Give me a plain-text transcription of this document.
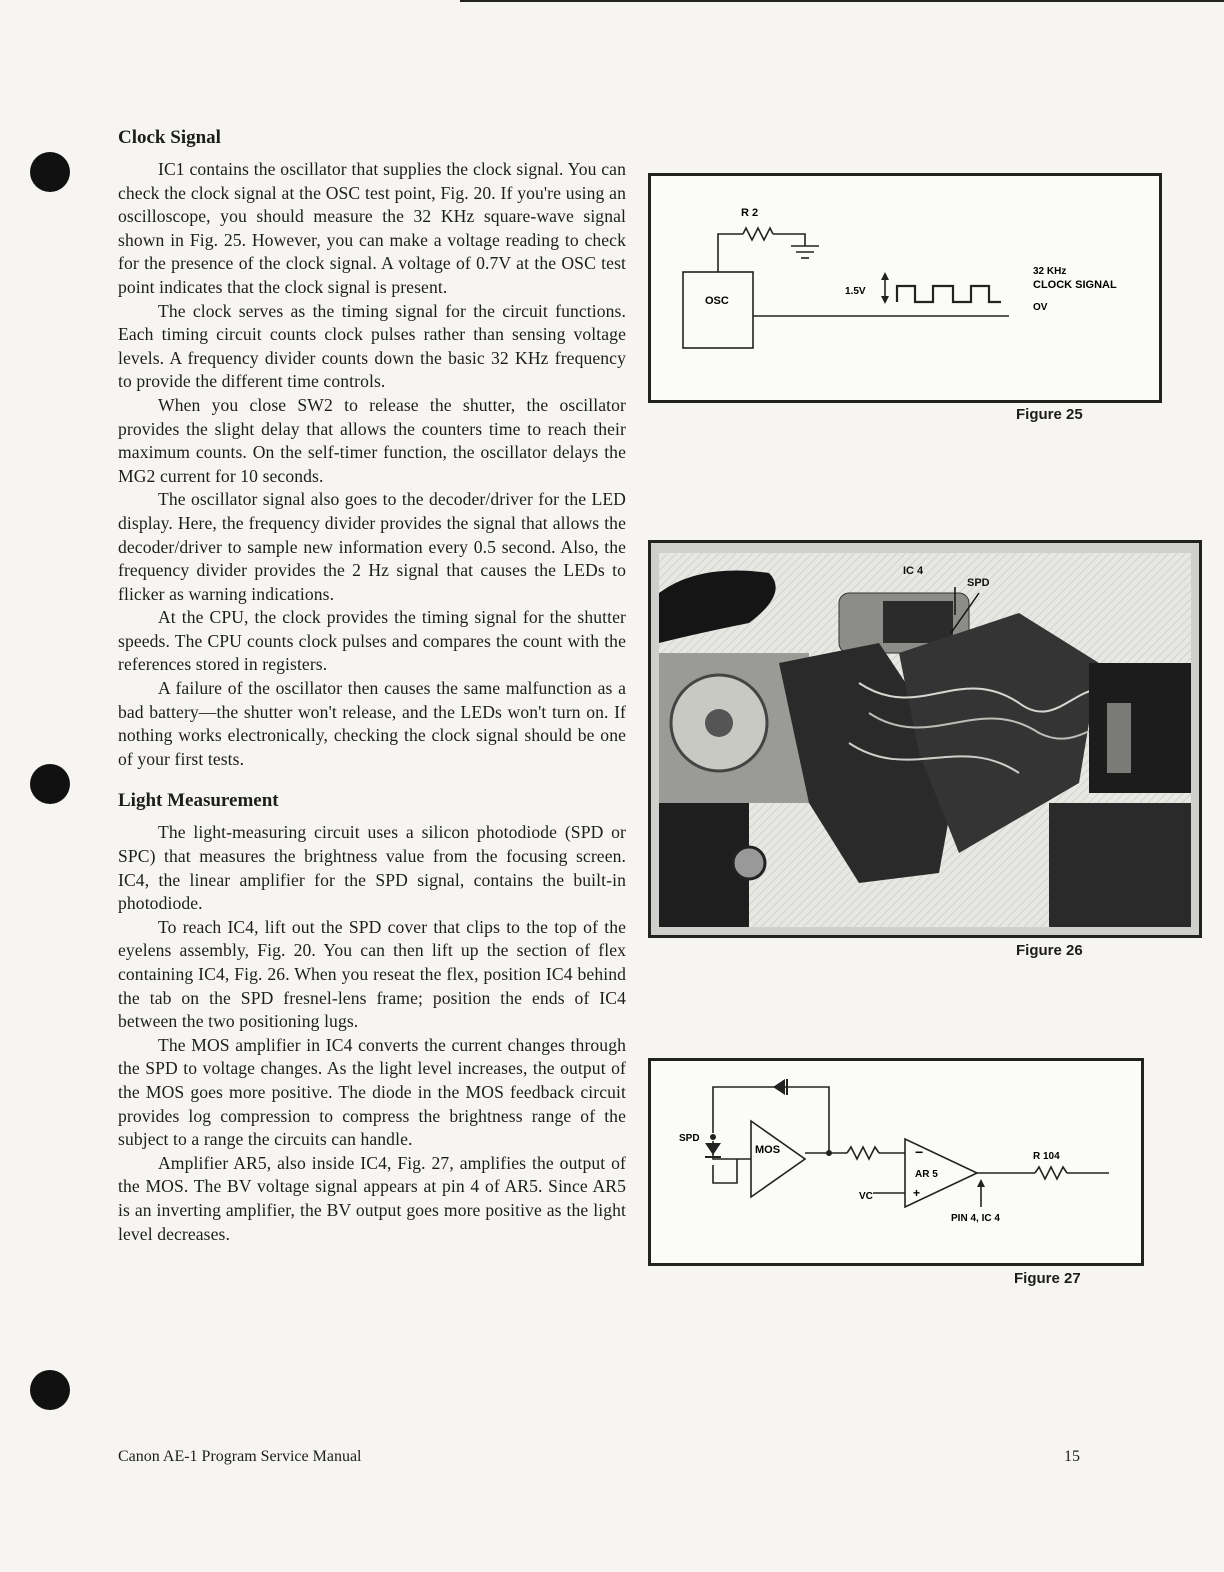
Clock Signal

IC1 contains the oscillator that supplies the clock signal. You can check the clock signal at the OSC test point, Fig. 20. If you're using an oscilloscope, you should measure the 32 KHz square-wave signal shown in Fig. 25. However, you can make a voltage reading to check for the presence of the clock signal. A voltage of 0.7V at the OSC test point indicates that the clock signal is present.

The clock serves as the timing signal for the circuit functions. Each timing circuit counts clock pulses rather than sensing voltage levels. A frequency divider counts down the basic 32 KHz frequency to provide the different time controls.

When you close SW2 to release the shutter, the oscillator provides the slight delay that allows the counters time to reach their maximum counts. On the self-timer function, the oscillator delays the MG2 current for 10 seconds.

The oscillator signal also goes to the decoder/driver for the LED display. Here, the frequency divider provides the signal that allows the decoder/driver to sample new information every 0.5 second. Also, the frequency divider provides the 2 Hz signal that causes the LEDs to flicker as warning indications.

At the CPU, the clock provides the timing signal for the shutter speeds. The CPU counts clock pulses and compares the count with the references stored in registers.

A failure of the oscillator then causes the same malfunction as a bad battery—the shutter won't release, and the LEDs won't turn on. If nothing works electronically, checking the clock signal should be one of your first tests.

Light Measurement

The light-measuring circuit uses a silicon photodiode (SPD or SPC) that measures the brightness value from the focusing screen. IC4, the linear amplifier for the SPD signal, contains the built-in photodiode.

To reach IC4, lift out the SPD cover that clips to the top of the eyelens assembly, Fig. 20. You can then lift up the section of flex containing IC4, Fig. 26. When you reseat the flex, position IC4 behind the tab on the SPD fresnel-lens frame; position the ends of IC4 between the two positioning lugs.

The MOS amplifier in IC4 converts the current changes through the SPD to voltage changes. As the light level increases, the output of the MOS goes more positive. The diode in the MOS feedback circuit provides log compression to compress the brightness range of the subject to a range the circuits can handle.

Amplifier AR5, also inside IC4, Fig. 27, amplifies the output of the MOS. The BV voltage signal appears at pin 4 of AR5. Since AR5 is an inverting amplifier, the BV output goes more positive as the light level decreases.

R 2
OSC
1.5V
32 KHz
CLOCK SIGNAL
OV
Figure 25
IC 4
SPD
Figure 26
SPD
MOS	−
AR 5
+
VC
R 104
PIN 4, IC 4
Figure 27
Canon AE-1 Program Service Manual	15
